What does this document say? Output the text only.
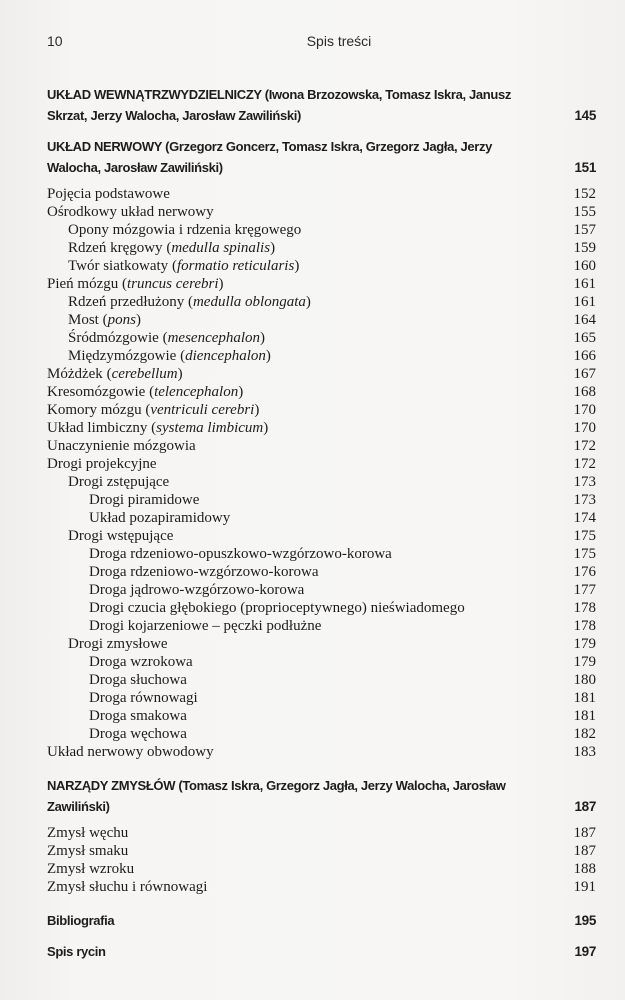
10	Spis treści
UKŁAD WEWNĄTRZWYDZIELNICZY (Iwona Brzozowska, Tomasz Iskra, Janusz Skrzat, Jerzy Walocha, Jarosław Zawiliński)	145
UKŁAD NERWOWY (Grzegorz Goncerz, Tomasz Iskra, Grzegorz Jagła, Jerzy Walocha, Jarosław Zawiliński)	151
Pojęcia podstawowe	152
Ośrodkowy układ nerwowy	155
Opony mózgowia i rdzenia kręgowego	157
Rdzeń kręgowy (medulla spinalis)	159
Twór siatkowaty (formatio reticularis)	160
Pień mózgu (truncus cerebri)	161
Rdzeń przedłużony (medulla oblongata)	161
Most (pons)	164
Śródmózgowie (mesencephalon)	165
Międzymózgowie (diencephalon)	166
Móżdżek (cerebellum)	167
Kresomózgowie (telencephalon)	168
Komory mózgu (ventriculi cerebri)	170
Układ limbiczny (systema limbicum)	170
Unaczynienie mózgowia	172
Drogi projekcyjne	172
Drogi zstępujące	173
Drogi piramidowe	173
Układ pozapiramidowy	174
Drogi wstępujące	175
Droga rdzeniowo-opuszkowo-wzgórzowo-korowa	175
Droga rdzeniowo-wzgórzowo-korowa	176
Droga jądrowo-wzgórzowo-korowa	177
Drogi czucia głębokiego (proprioceptywnego) nieświadomego	178
Drogi kojarzeniowe – pęczki podłużne	178
Drogi zmysłowe	179
Droga wzrokowa	179
Droga słuchowa	180
Droga równowagi	181
Droga smakowa	181
Droga węchowa	182
Układ nerwowy obwodowy	183
NARZĄDY ZMYSŁÓW (Tomasz Iskra, Grzegorz Jagła, Jerzy Walocha, Jarosław Zawiliński)	187
Zmysł węchu	187
Zmysł smaku	187
Zmysł wzroku	188
Zmysł słuchu i równowagi	191
Bibliografia	195
Spis rycin	197
